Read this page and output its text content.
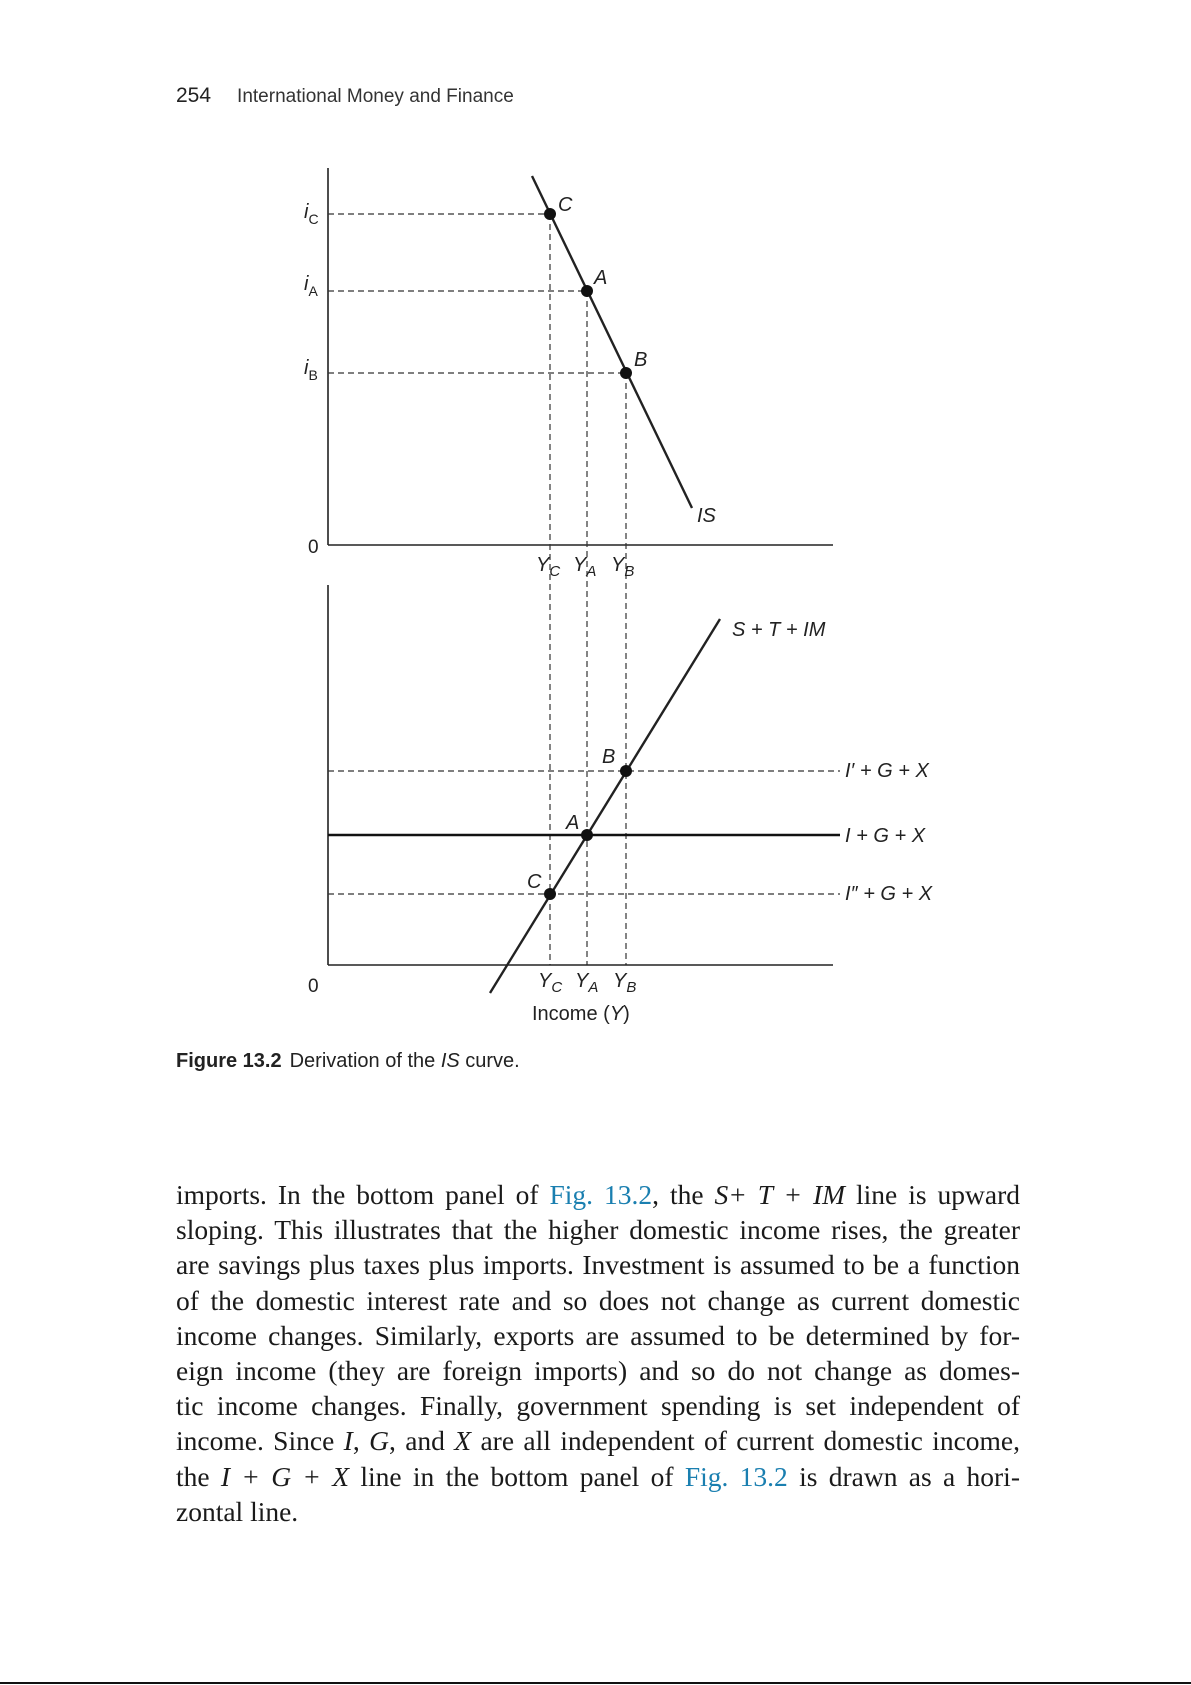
254 International Money and Finance
$i_C$
$i_A$
$i_B$
0
C
A
B
IS
$Y_C$ $Y_A$ $Y_B$
S + T + IM
B
A
C
I′ + G + X
I + G + X
I″ + G + X
0	$Y_C$ $Y_A$ $Y_B$
Income (Y)
Figure 13.2 Derivation of the IS curve.
imports. In the bottom panel of Fig. 13.2, the S+ T + IM line is upward
sloping. This illustrates that the higher domestic income rises, the greater
are savings plus taxes plus imports. Investment is assumed to be a function
of the domestic interest rate and so does not change as current domestic
income changes. Similarly, exports are assumed to be determined by for-
eign income (they are foreign imports) and so do not change as domes-
tic income changes. Finally, government spending is set independent of
income. Since I, G, and X are all independent of current domestic income,
the I + G + X line in the bottom panel of Fig. 13.2 is drawn as a hori-
zontal line.
